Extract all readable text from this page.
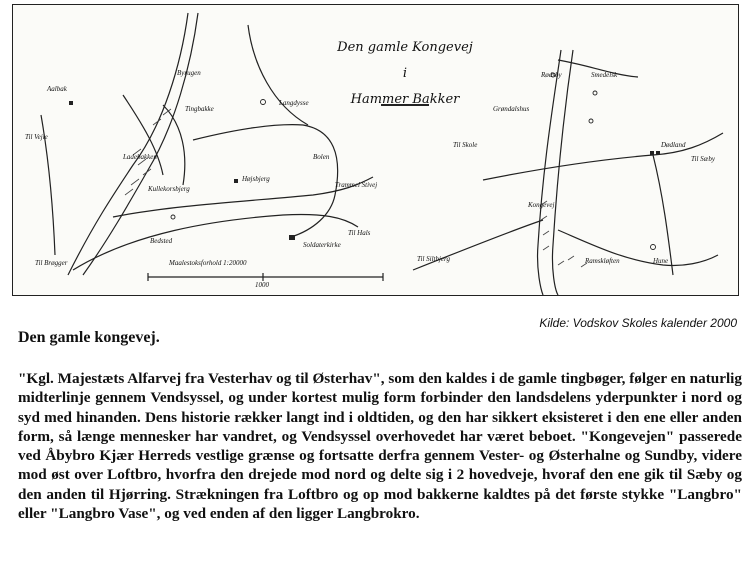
Den gamle Kongevej
i
Hammer Bakker
Aalbak
Byrugen
Langdysse
Tingbakke
Kullekorsbjerg
Højsbjerg
Bolen
Trammel Stivej
Bedsted	Soldaterkirke
Ladebakken
Til Brøgger
Til Vejle
Til Hals
Maalestoksforhold 1:20000
1000
Rødsby	Smedelsk
Grøndalshus
Til Skole	Dødland
Til Sæby
Kongevej
Til Siltbjerg	Ramskløften	Hune
Kilde: Vodskov Skoles kalender 2000
Den gamle kongevej.

"Kgl. Majestæts Alfarvej fra Vesterhav og til Østerhav", som den kaldes i de gamle tingbøger, følger en naturlig midterlinje gennem Vendsyssel, og under kortest mulig form forbinder den landsdelens yderpunkter i nord og syd med hinanden. Dens historie rækker langt ind i oldtiden, og den har sikkert eksisteret i den ene eller anden form, så længe mennesker har vandret, og Vendsyssel overhovedet har været beboet. "Kongevejen" passerede ved Åbybro Kjær Herreds vestlige grænse og fortsatte derfra gennem Vester- og Østerhalne og Sundby, videre mod øst over Loftbro, hvorfra den drejede mod nord og delte sig i 2 hovedveje, hvoraf den ene gik til Sæby og den anden til Hjørring. Strækningen fra Loftbro og op mod bakkerne kaldtes på det første stykke "Langbro" eller "Langbro Vase", og ved enden af den ligger Langbrokro.
